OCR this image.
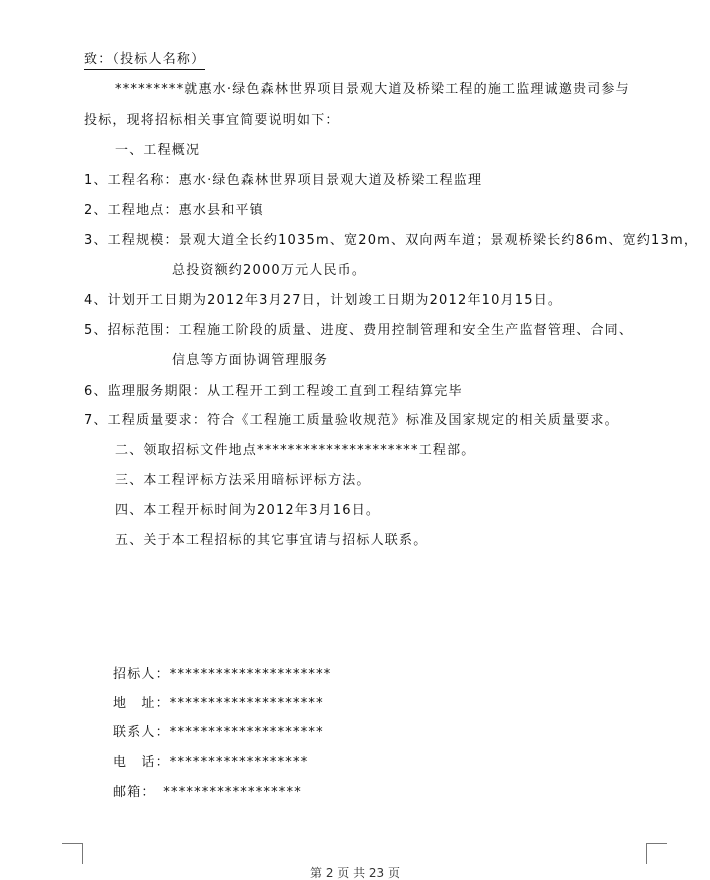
致：（投标人名称）
*********就惠水·绿色森林世界项目景观大道及桥梁工程的施工监理诚邀贵司参与
投标，现将招标相关事宜简要说明如下：
一、工程概况
1、工程名称：惠水·绿色森林世界项目景观大道及桥梁工程监理
2、工程地点：惠水县和平镇
3、工程规模：景观大道全长约1035m、宽20m、双向两车道；景观桥梁长约86m、宽约13m，
总投资额约2000万元人民币。
4、计划开工日期为2012年3月27日，计划竣工日期为2012年10月15日。
5、招标范围：工程施工阶段的质量、进度、费用控制管理和安全生产监督管理、合同、
信息等方面协调管理服务
6、监理服务期限：从工程开工到工程竣工直到工程结算完毕
7、工程质量要求：符合《工程施工质量验收规范》标准及国家规定的相关质量要求。
二、领取招标文件地点*********************工程部。
三、本工程评标方法采用暗标评标方法。
四、本工程开标时间为2012年3月16日。
五、关于本工程招标的其它事宜请与招标人联系。
招标人：*********************
地　址：********************
联系人：********************
电　话：******************
邮箱：　******************
第 2 页 共 23 页
